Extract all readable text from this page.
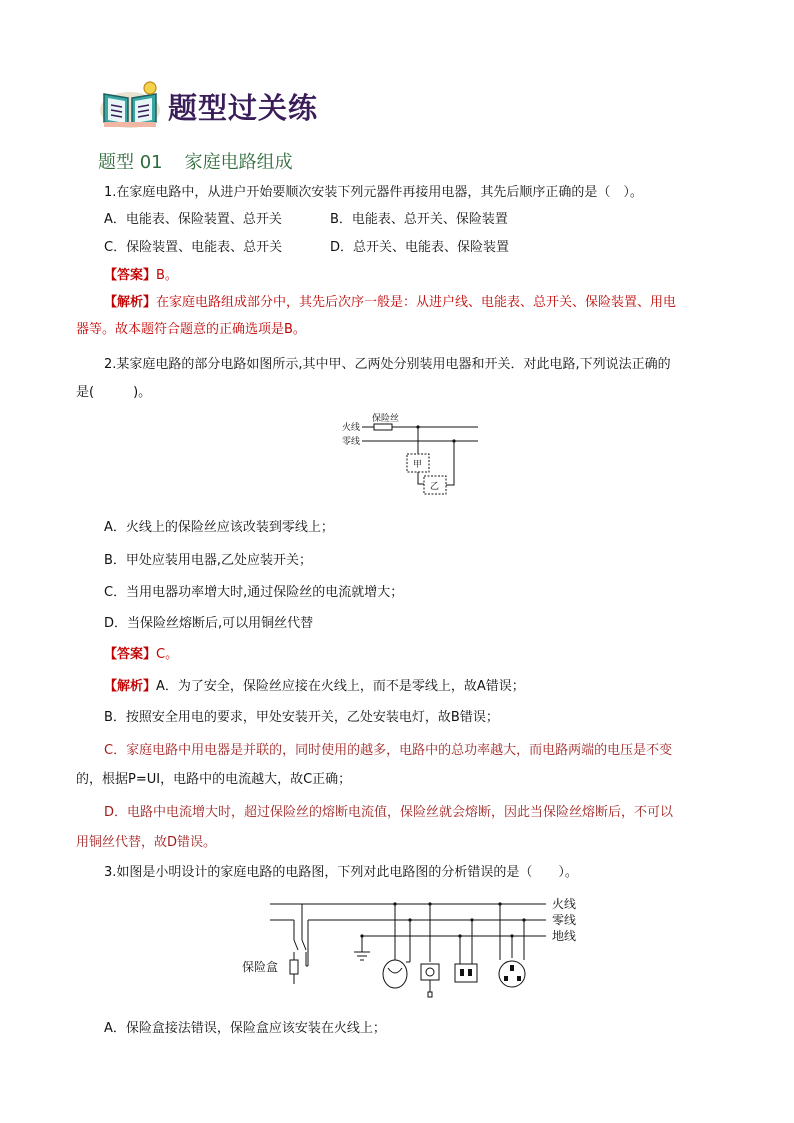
题型过关练
题型 01 家庭电路组成
1.在家庭电路中，从进户开始要顺次安装下列元器件再接用电器，其先后顺序正确的是（　）。
A．电能表、保险装置、总开关	B．电能表、总开关、保险装置
C．保险装置、电能表、总开关	D．总开关、电能表、保险装置
【答案】B。
【解析】在家庭电路组成部分中，其先后次序一般是：从进户线、电能表、总开关、保险装置、用电
器等。故本题符合题意的正确选项是B。
2.某家庭电路的部分电路如图所示,其中甲、乙两处分别装用电器和开关．对此电路,下列说法正确的
是(　　　)。
火线
零线
保险丝
甲
乙
A．火线上的保险丝应该改装到零线上；
B．甲处应装用电器,乙处应装开关；
C．当用电器功率增大时,通过保险丝的电流就增大；
D．当保险丝熔断后,可以用铜丝代替
【答案】C。
【解析】A．为了安全，保险丝应接在火线上，而不是零线上，故A错误；
B．按照安全用电的要求，甲处安装开关，乙处安装电灯，故B错误；
C．家庭电路中用电器是并联的，同时使用的越多，电路中的总功率越大，而电路两端的电压是不变
的，根据P=UI，电路中的电流越大，故C正确；
D．电路中电流增大时，超过保险丝的熔断电流值，保险丝就会熔断，因此当保险丝熔断后，不可以
用铜丝代替，故D错误。
3.如图是小明设计的家庭电路的电路图，下列对此电路图的分析错误的是（　　）。
火线
零线
地线
保险盒
A．保险盒接法错误，保险盒应该安装在火线上；
